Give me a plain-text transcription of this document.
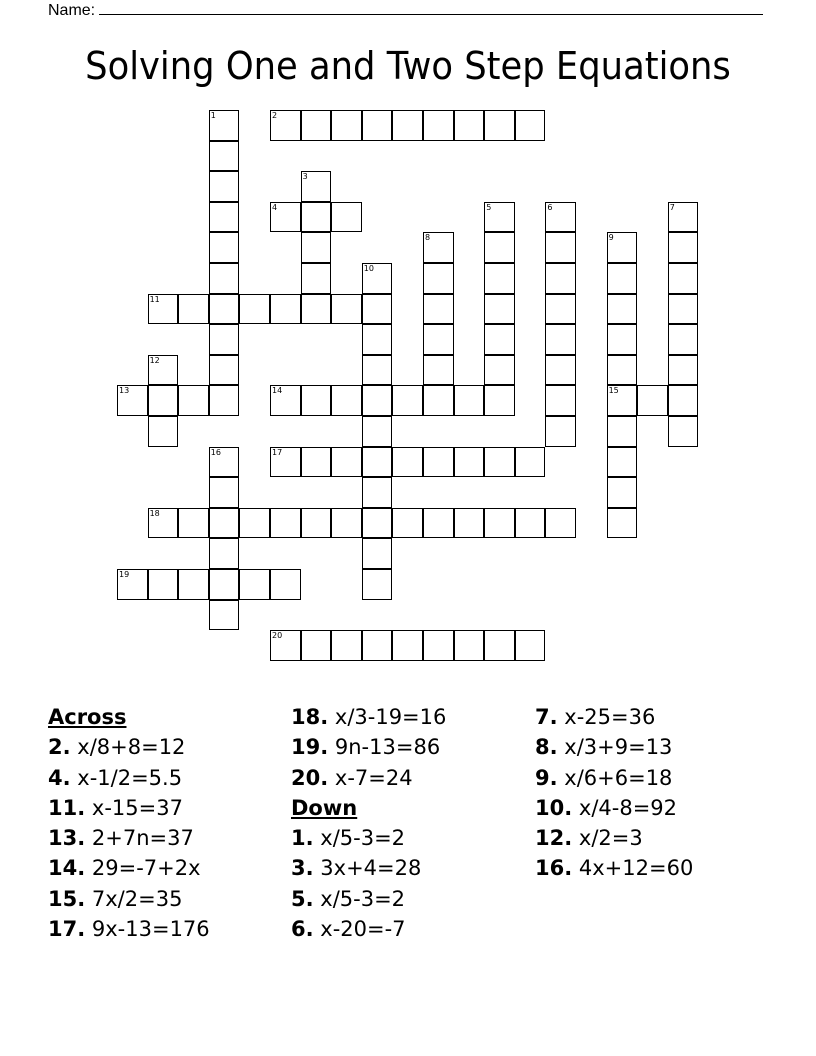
Name:
Solving One and Two Step Equations
1	2
3
4	5	6	7
8	9
15
10
11
12
13	14
16	17
18
19
20
Across
2. x/8+8=12
4. x-1/2=5.5
11. x-15=37
13. 2+7n=37
14. 29=-7+2x
15. 7x/2=35
17. 9x-13=176
18. x/3-19=16
19. 9n-13=86
20. x-7=24
Down
1. x/5-3=2
3. 3x+4=28
5. x/5-3=2
6. x-20=-7
7. x-25=36
8. x/3+9=13
9. x/6+6=18
10. x/4-8=92
12. x/2=3
16. 4x+12=60
